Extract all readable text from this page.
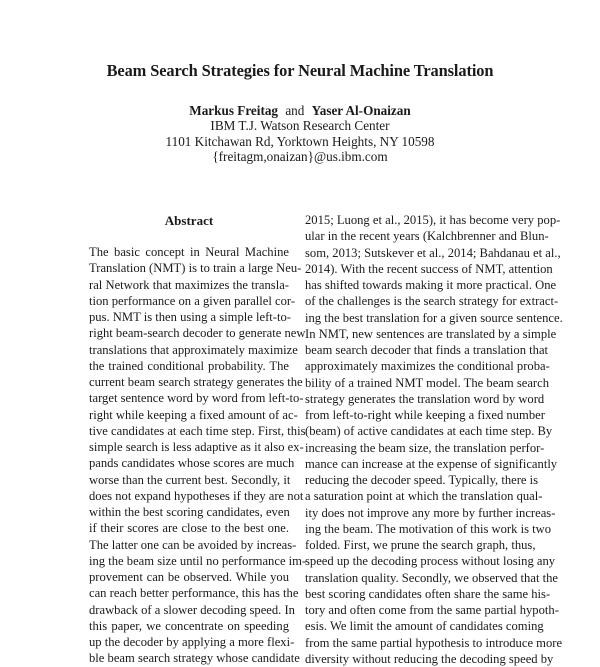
Beam Search Strategies for Neural Machine Translation
Markus Freitag and Yaser Al-Onaizan
IBM T.J. Watson Research Center
1101 Kitchawan Rd, Yorktown Heights, NY 10598
{freitagm,onaizan}@us.ibm.com
Abstract
The basic concept in Neural Machine
Translation (NMT) is to train a large Neu-
ral Network that maximizes the transla-
tion performance on a given parallel cor-
pus. NMT is then using a simple left-to-
right beam-search decoder to generate new
translations that approximately maximize
the trained conditional probability. The
current beam search strategy generates the
target sentence word by word from left-to-
right while keeping a fixed amount of ac-
tive candidates at each time step. First, this
simple search is less adaptive as it also ex-
pands candidates whose scores are much
worse than the current best. Secondly, it
does not expand hypotheses if they are not
within the best scoring candidates, even
if their scores are close to the best one.
The latter one can be avoided by increas-
ing the beam size until no performance im-
provement can be observed. While you
can reach better performance, this has the
drawback of a slower decoding speed. In
this paper, we concentrate on speeding
up the decoder by applying a more flexi-
ble beam search strategy whose candidate
2015; Luong et al., 2015), it has become very pop-
ular in the recent years (Kalchbrenner and Blun-
som, 2013; Sutskever et al., 2014; Bahdanau et al.,
2014). With the recent success of NMT, attention
has shifted towards making it more practical. One
of the challenges is the search strategy for extract-
ing the best translation for a given source sentence.
In NMT, new sentences are translated by a simple
beam search decoder that finds a translation that
approximately maximizes the conditional proba-
bility of a trained NMT model. The beam search
strategy generates the translation word by word
from left-to-right while keeping a fixed number
(beam) of active candidates at each time step. By
increasing the beam size, the translation perfor-
mance can increase at the expense of significantly
reducing the decoder speed. Typically, there is
a saturation point at which the translation qual-
ity does not improve any more by further increas-
ing the beam. The motivation of this work is two
folded. First, we prune the search graph, thus,
speed up the decoding process without losing any
translation quality. Secondly, we observed that the
best scoring candidates often share the same his-
tory and often come from the same partial hypoth-
esis. We limit the amount of candidates coming
from the same partial hypothesis to introduce more
diversity without reducing the decoding speed by
